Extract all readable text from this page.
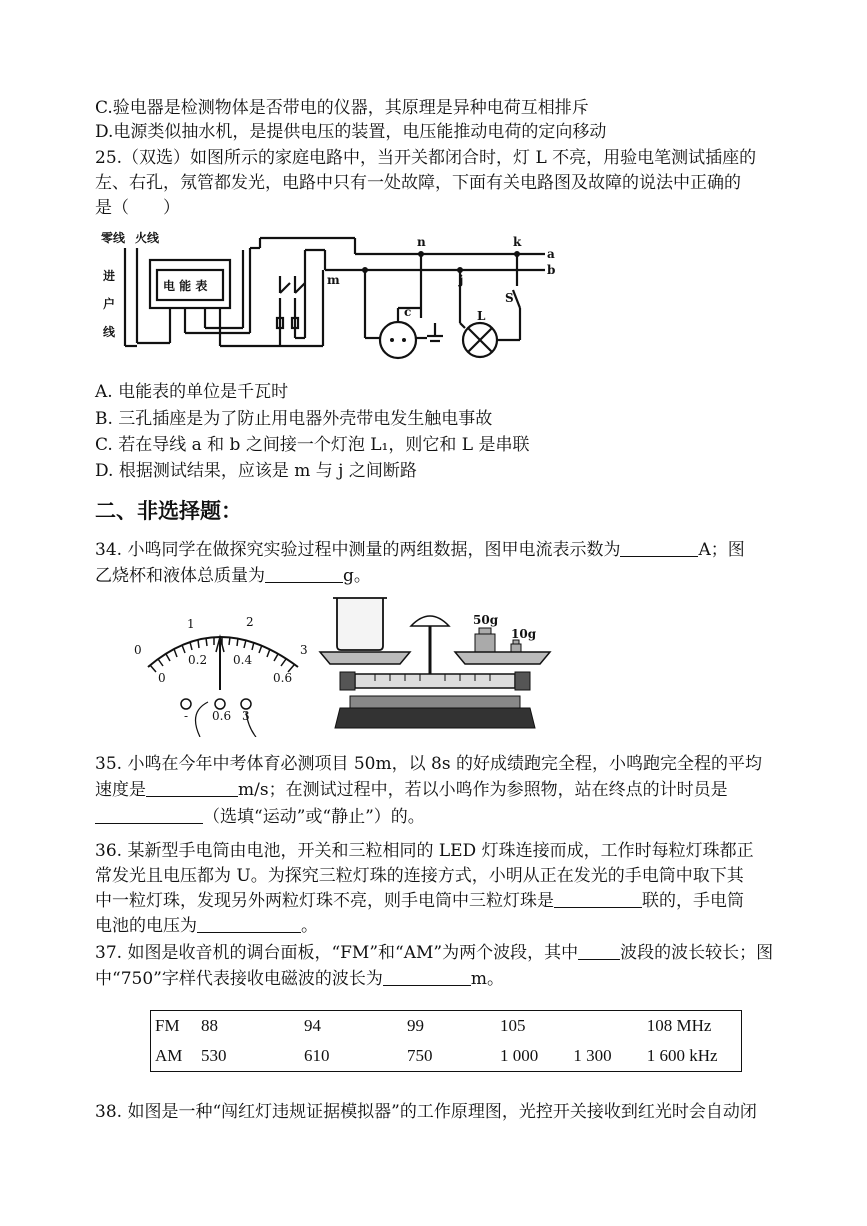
C.验电器是检测物体是否带电的仪器，其原理是异种电荷互相排斥
D.电源类似抽水机，是提供电压的装置，电压能推动电荷的定向移动
25.（双选）如图所示的家庭电路中，当开关都闭合时，灯 L 不亮，用验电笔测试插座的
左、右孔，氖管都发光，电路中只有一处故障，下面有关电路图及故障的说法中正确的
是（　　）
零线 火线
进
户
线
电 能 表
n	k
a
b
m	j
c
S
L
A. 电能表的单位是千瓦时
B. 三孔插座是为了防止用电器外壳带电发生触电事故
C. 若在导线 a 和 b 之间接一个灯泡 L₁，则它和 L 是串联
D. 根据测试结果，应该是 m 与 j 之间断路
二、非选择题：
34. 小鸣同学在做探究实验过程中测量的两组数据，图甲电流表示数为	A；图
乙烧杯和液体总质量为	g。
0
1	2
3
0
0.2 0.4
0.6
- 0.6 3
50g
10g
35. 小鸣在今年中考体育必测项目 50m，以 8s 的好成绩跑完全程，小鸣跑完全程的平均
速度是	m/s；在测试过程中，若以小鸣作为参照物，站在终点的计时员是
（选填“运动”或“静止”）的。
36. 某新型手电筒由电池，开关和三粒相同的 LED 灯珠连接而成，工作时每粒灯珠都正
常发光且电压都为 U。为探究三粒灯珠的连接方式，小明从正在发光的手电筒中取下其
中一粒灯珠，发现另外两粒灯珠不亮，则手电筒中三粒灯珠是	联的，手电筒
电池的电压为	。
37. 如图是收音机的调台面板，“FM”和“AM”为两个波段，其中 波段的波长较长；图
中“750”字样代表接收电磁波的波长为	m。
FM	88	94	99	105		108 MHz
AM	530	610	750	1 000	1 300	1 600 kHz
38. 如图是一种“闯红灯违规证据模拟器”的工作原理图，光控开关接收到红光时会自动闭
